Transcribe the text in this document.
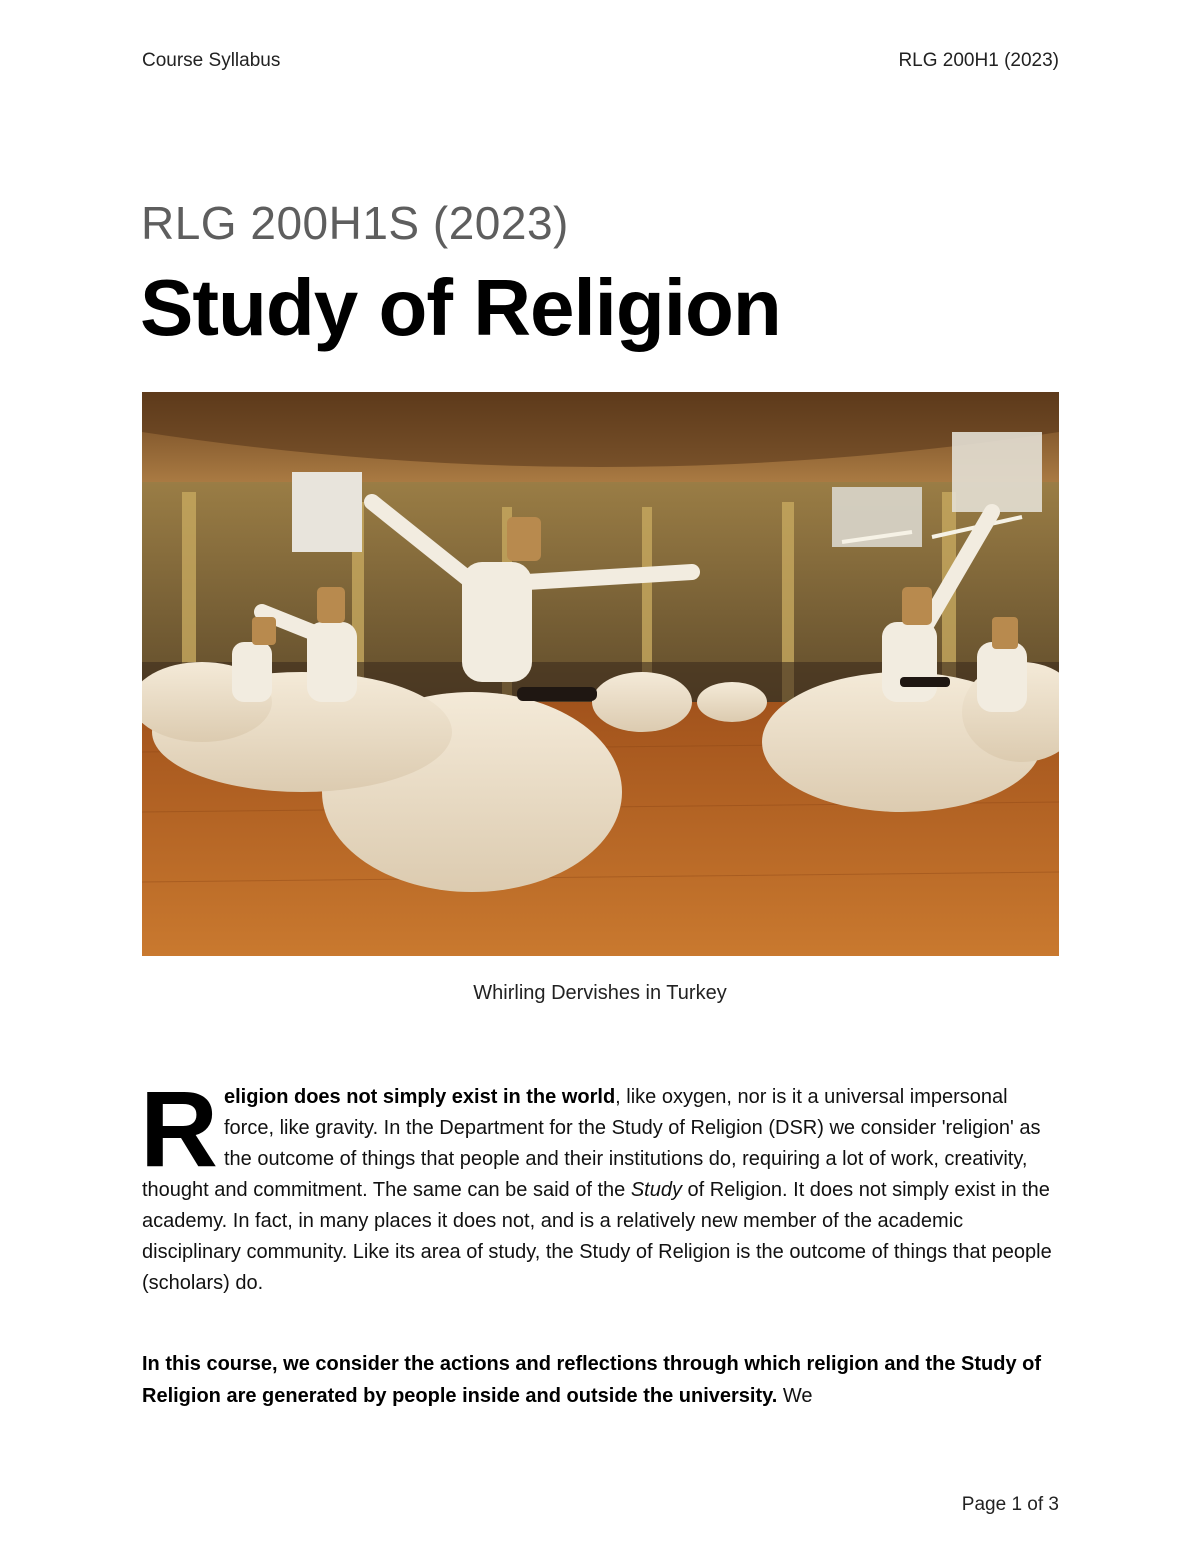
Course Syllabus	RLG 200H1 (2023)
RLG 200H1S (2023)
Study of Religion
Whirling Dervishes in Turkey
Religion does not simply exist in the world, like oxygen, nor is it a universal impersonal force, like gravity. In the Department for the Study of Religion (DSR) we consider 'religion' as the outcome of things that people and their institutions do, requiring a lot of work, creativity, thought and commitment. The same can be said of the Study of Religion. It does not simply exist in the academy. In fact, in many places it does not, and is a relatively new member of the academic disciplinary community. Like its area of study, the Study of Religion is the outcome of things that people (scholars) do.
In this course, we consider the actions and reflections through which religion and the Study of Religion are generated by people inside and outside the university. We
Page 1 of 3
